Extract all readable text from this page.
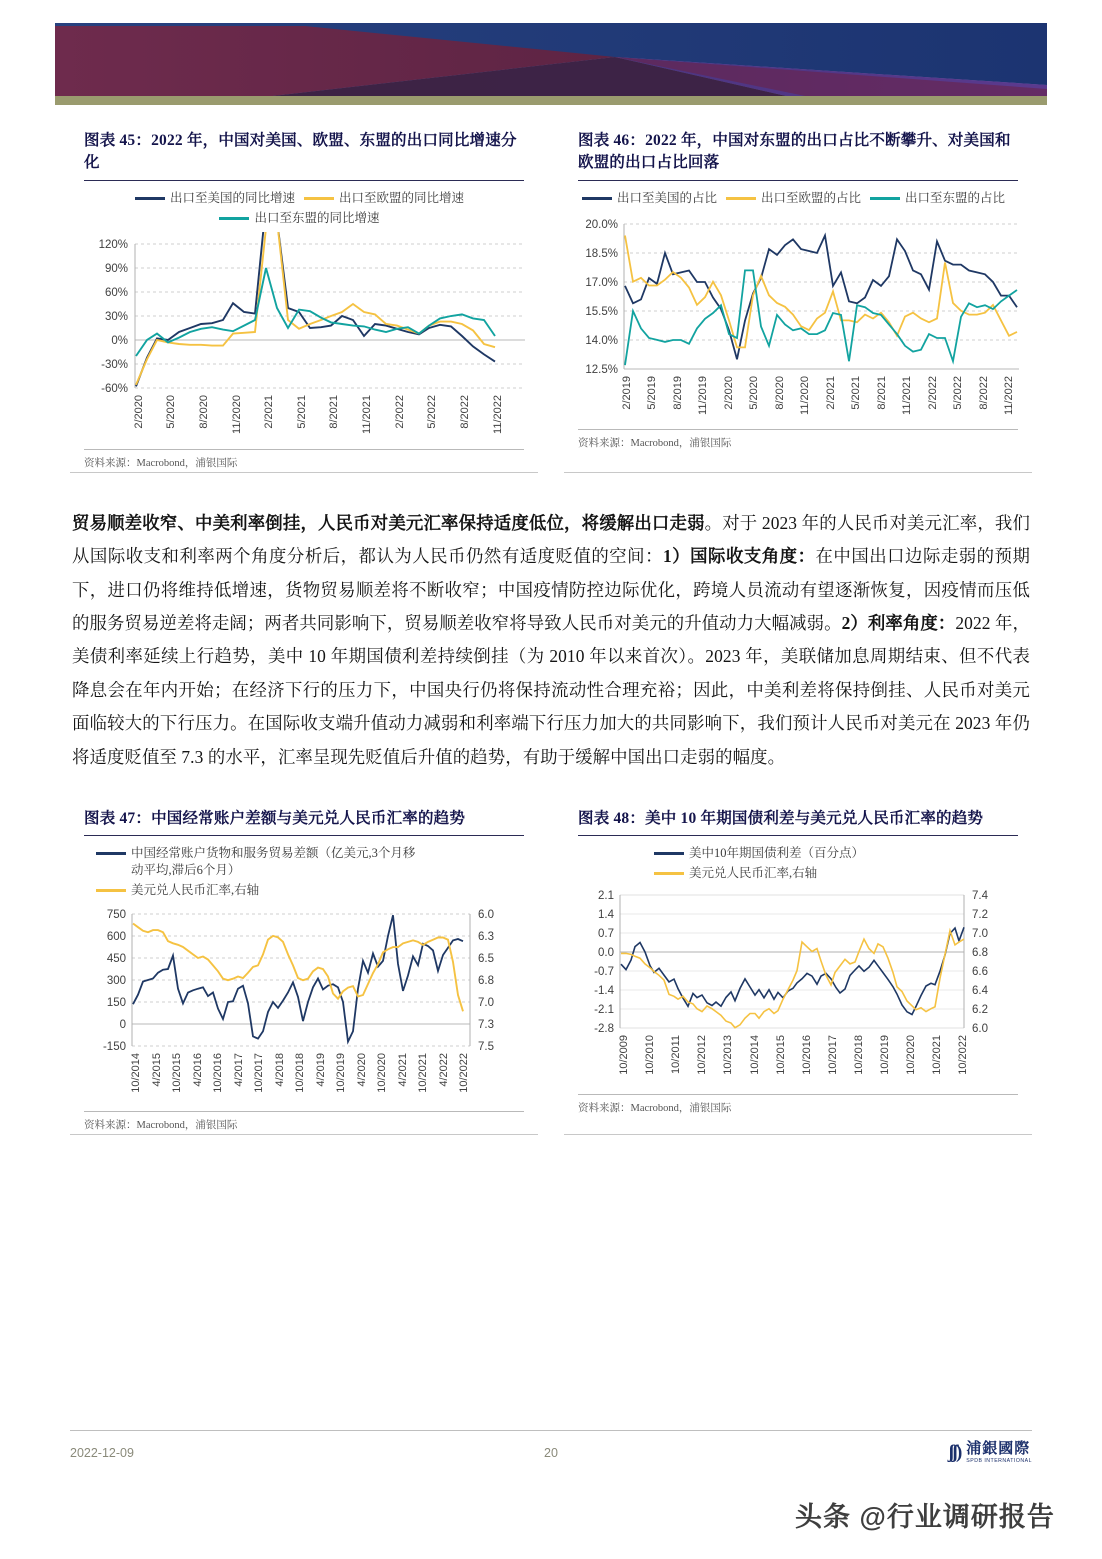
图表 45：2022 年，中国对美国、欧盟、东盟的出口同比增速分化
出口至美国的同比增速	出口至欧盟的同比增速
出口至东盟的同比增速
120%
90%
60%
30%
0%
-30%
-60%
2/2020 5/2020 8/2020 11/2020 2/2021 5/2021 8/2021 11/2021 2/2022 5/2022 8/2022 11/2022
资料来源：Macrobond，浦银国际
图表 46：2022 年，中国对东盟的出口占比不断攀升、对美国和欧盟的出口占比回落
出口至美国的占比	出口至欧盟的占比	出口至东盟的占比
20.0%
18.5%
17.0%
15.5%
14.0%
12.5%
2/2019 5/2019 8/2019 11/2019 2/2020 5/2020 8/2020 11/2020 2/2021 5/2021 8/2021 11/2021 2/2022 5/2022 8/2022 11/2022
资料来源：Macrobond，浦银国际
贸易顺差收窄、中美利率倒挂，人民币对美元汇率保持适度低位，将缓解出口走弱。对于 2023 年的人民币对美元汇率，我们从国际收支和利率两个角度分析后，都认为人民币仍然有适度贬值的空间：1）国际收支角度：在中国出口边际走弱的预期下，进口仍将维持低增速，货物贸易顺差将不断收窄；中国疫情防控边际优化，跨境人员流动有望逐渐恢复，因疫情而压低的服务贸易逆差将走阔；两者共同影响下，贸易顺差收窄将导致人民币对美元的升值动力大幅减弱。2）利率角度：2022 年，美债利率延续上行趋势，美中 10 年期国债利差持续倒挂（为 2010 年以来首次）。2023 年，美联储加息周期结束、但不代表降息会在年内开始；在经济下行的压力下，中国央行仍将保持流动性合理充裕；因此，中美利差将保持倒挂、人民币对美元面临较大的下行压力。在国际收支端升值动力减弱和利率端下行压力加大的共同影响下，我们预计人民币对美元在 2023 年仍将适度贬值至 7.3 的水平，汇率呈现先贬值后升值的趋势，有助于缓解中国出口走弱的幅度。
图表 47：中国经常账户差额与美元兑人民币汇率的趋势
中国经常账户货物和服务贸易差额（亿美元,3个月移动平均,滞后6个月）
美元兑人民币汇率,右轴
750
600
450
300
150
0
-150
6.0
6.3
6.5
6.8
7.0
7.3
7.5
10/2014 4/2015 10/2015 4/2016 10/2016 4/2017 10/2017 4/2018 10/2018 4/2019 10/2019 4/2020 10/2020 4/2021 10/2021 4/2022 10/2022
资料来源：Macrobond，浦银国际
图表 48：美中 10 年期国债利差与美元兑人民币汇率的趋势
美中10年期国债利差（百分点）
美元兑人民币汇率,右轴
2.1
1.4
0.7
0.0
-0.7
-1.4
-2.1
-2.8
7.4
7.2
7.0
6.8
6.6
6.4
6.2
6.0
10/2009 10/2010 10/2011 10/2012 10/2013 10/2014 10/2015 10/2016 10/2017 10/2018 10/2019 10/2020 10/2021 10/2022
资料来源：Macrobond，浦银国际
2022-12-09	20	ʃʃ) 浦銀國際
SPDB INTERNATIONAL
头条 @行业调研报告
